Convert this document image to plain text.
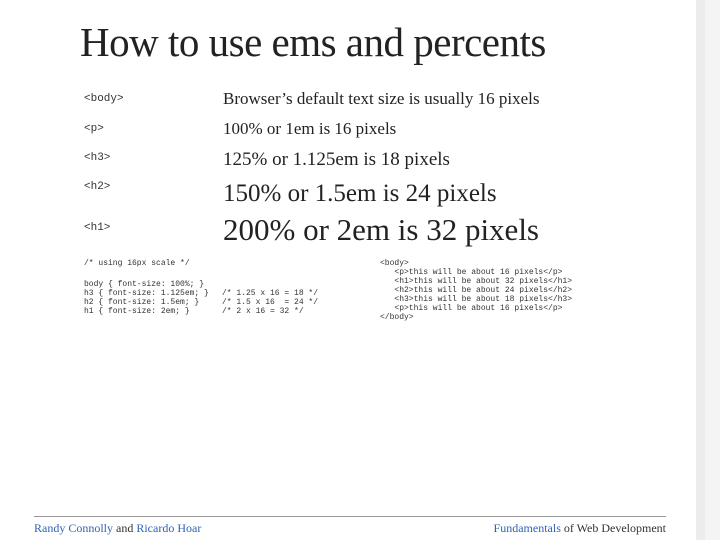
How to use ems and percents
<body>
<p>
<h3>
<h2>
<h1>
Browser’s default text size is usually 16 pixels
100% or 1em is 16 pixels
125% or 1.125em is 18 pixels
150% or 1.5em is 24 pixels
200% or 2em is 32 pixels
/* using 16px scale */
body { font-size: 100%; }
h3 { font-size: 1.125em; }
h2 { font-size: 1.5em; }
h1 { font-size: 2em; }
/* 1.25 x 16 = 18 */
/* 1.5 x 16  = 24 */
/* 2 x 16 = 32 */
<body>
<p>this will be about 16 pixels</p>
<h1>this will be about 32 pixels</h1>
<h2>this will be about 24 pixels</h2>
<h3>this will be about 18 pixels</h3>
<p>this will be about 16 pixels</p>
</body>
Randy Connolly and Ricardo Hoar	Fundamentals of Web Development
